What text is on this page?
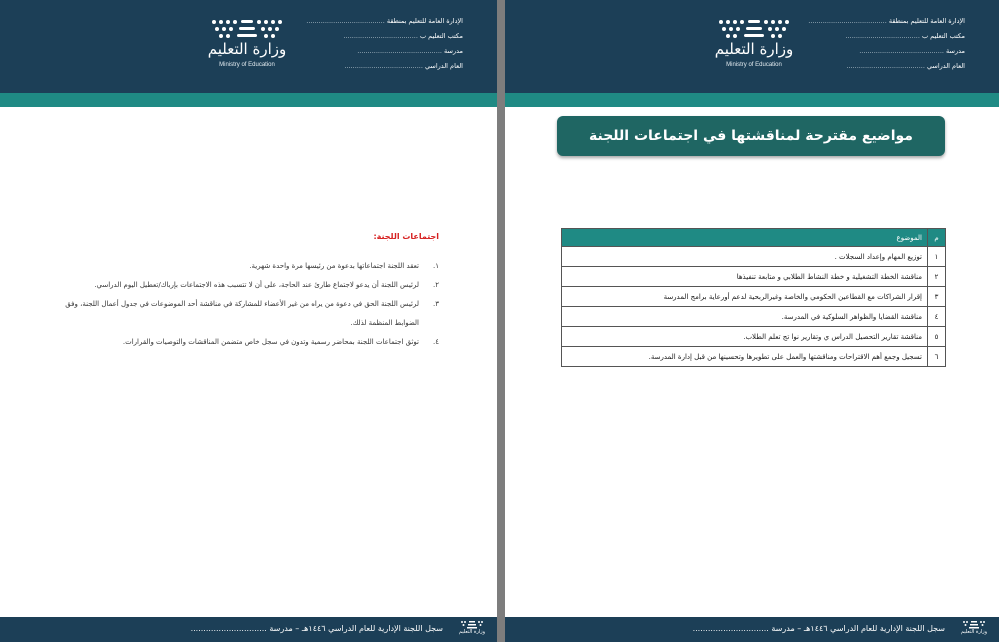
الإدارة العامة للتعليم بمنطقة ......................................
مكتب التعليم ب ....................................
مدرسة .........................................
العام الدراسي ......................................
وزارة التعليم
Ministry of Education
اجتماعات اللجنة:
١.
تعقد اللجنة اجتماعاتها بدعوة من رئيسها مرة واحدة شهرية.
٢.
لرئيس اللجنة أن يدعو لاجتماع طارئ عند الحاجة، على أن لا تتسبب هذه الاجتماعات بإرباك/تعطيل اليوم الدراسي.
٣.
لرئيس اللجنة الحق في دعوة من يراه من غير الأعضاء للمشاركة في مناقشة أحد الموضوعات في جدول أعمال اللجنة، وفق الضوابط المنظمة لذلك.
٤.
توثق اجتماعات اللجنة بمحاضر رسمية وتدون في سجل خاص متضمن المناقشات والتوصيات والقرارات.
سجل اللجنة الإدارية للعام الدراسي ١٤٤٦هـ – مدرسة ..............................	وزارة التعليم
الإدارة العامة للتعليم بمنطقة ......................................
مكتب التعليم ب ....................................
مدرسة .........................................
العام الدراسي ......................................
وزارة التعليم
Ministry of Education
مواضيع مقترحة لمناقشتها في اجتماعات اللجنة
م	الموضوع
١	توزيع المهام وإعداد السجلات .
٢	مناقشة الخطة التشغيلية و خطة النشاط الطلابي و متابعة تنفيذها
٣	إقرار الشراكات مع القطاعين الحكومي والخاصة وغيرالربحية لدعم أورعاية برامج المدرسة
٤	مناقشة القضايا والظواهر السلوكية في المدرسة.
٥	مناقشة تقارير التحصيل الدراس ي وتقارير نوا تج تعلم الطلاب.
٦	تسجيل وجمع أهم الاقتراحات ومناقشتها والعمل على تطويرها وتحسينها من قبل إدارة المدرسة.
سجل اللجنة الإدارية للعام الدراسي ١٤٤٦هـ – مدرسة ..............................	وزارة التعليم
